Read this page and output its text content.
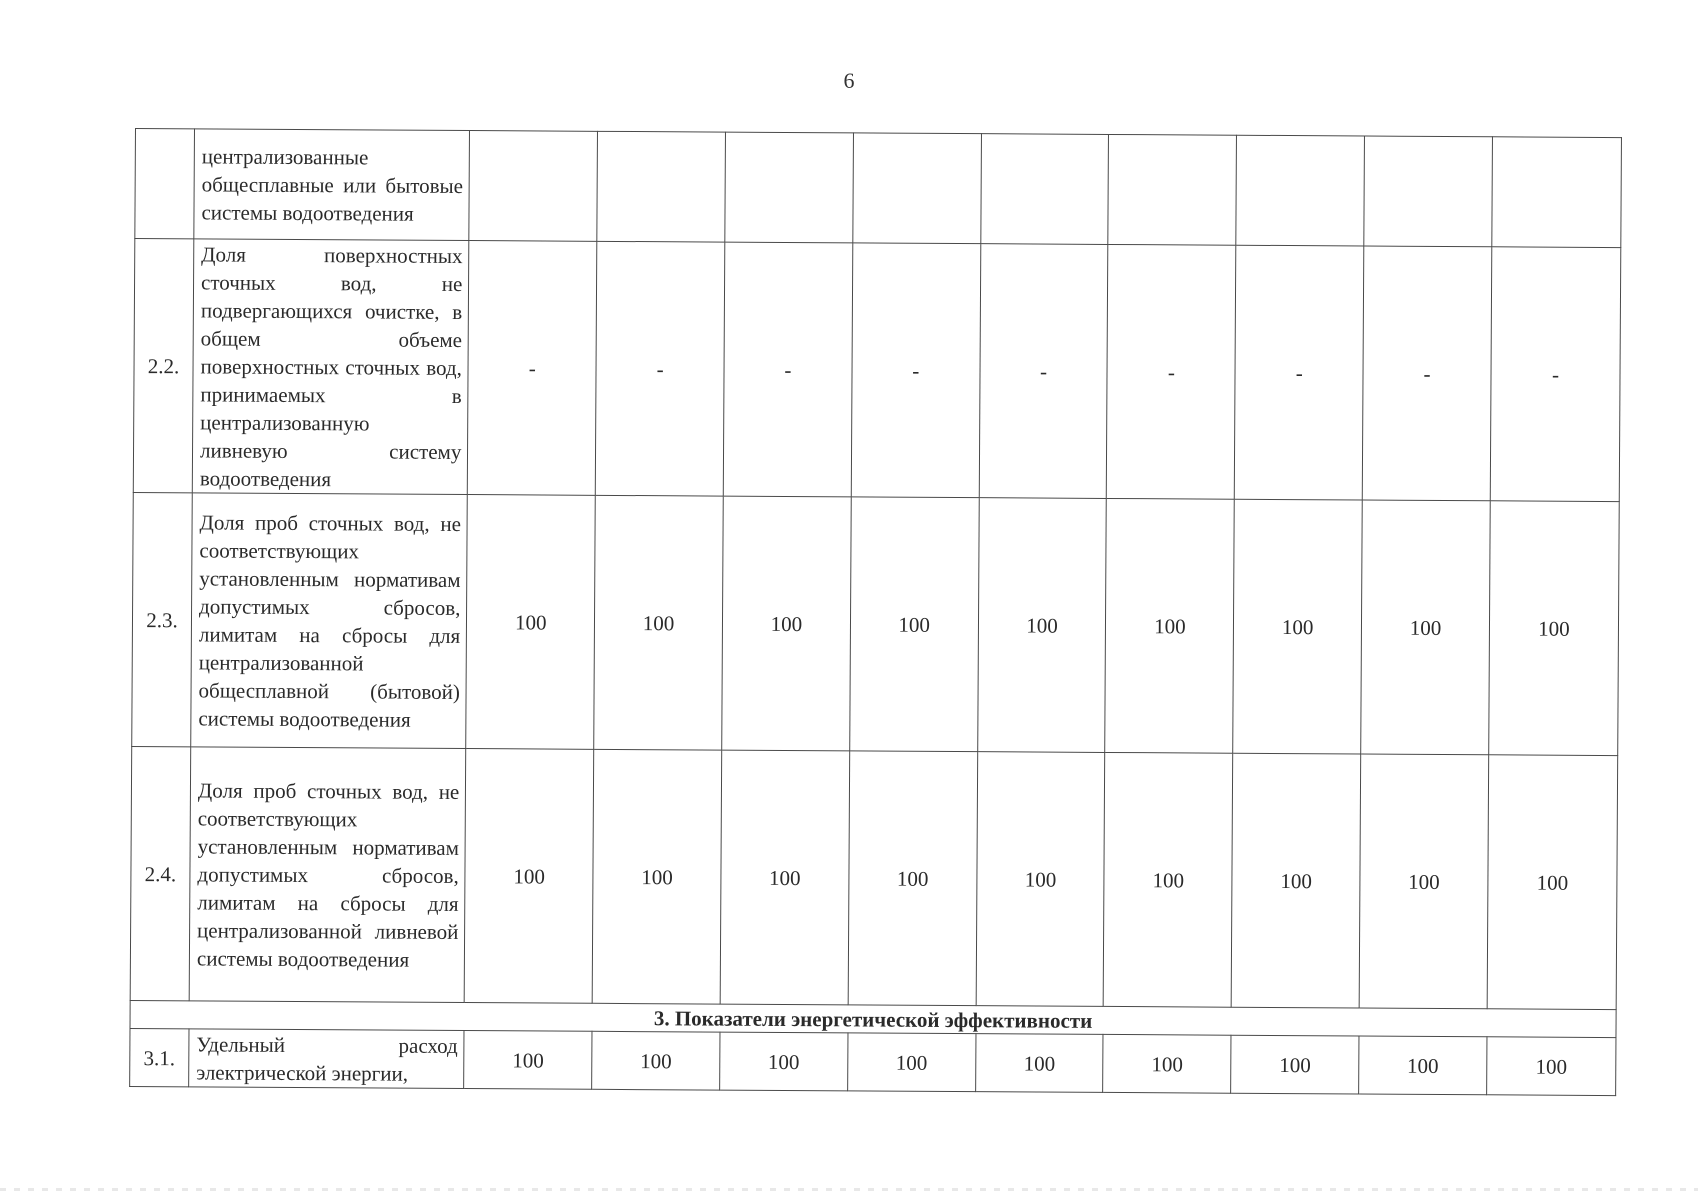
6
	централизованные общесплавные или бытовые системы водоотведения									
2.2.	Доля поверхностных сточных вод, не подвергающихся очистке, в общем объеме поверхностных сточных вод, принимаемых в централизованную ливневую систему водоотведения	-	-	-	-	-	-	-	-	-
2.3.	Доля проб сточных вод, не соответствующих установленным нормативам допустимых сбросов, лимитам на сбросы для централизованной общесплавной (бытовой) системы водоотведения	100	100	100	100	100	100	100	100	100
2.4.	Доля проб сточных вод, не соответствующих установленным нормативам допустимых сбросов, лимитам на сбросы для централизованной ливневой системы водоотведения	100	100	100	100	100	100	100	100	100
3. Показатели энергетической эффективности										
3.1.	Удельный расход электрической энергии,	100	100	100	100	100	100	100	100	100
